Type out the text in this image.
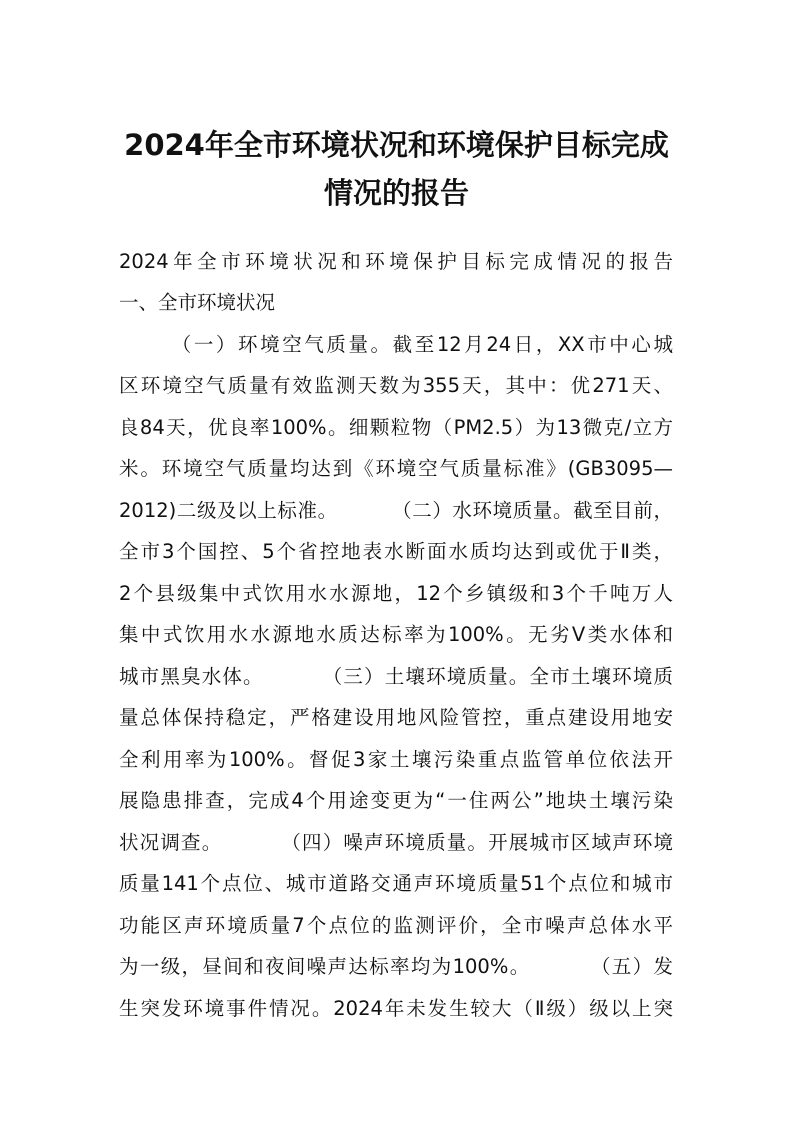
2024年全市环境状况和环境保护目标完成
情况的报告
2024年全市环境状况和环境保护目标完成情况的报告
一、全市环境状况
（一）环境空气质量。截至12月24日，XX市中心城
区环境空气质量有效监测天数为355天，其中：优271天、
良84天，优良率100%。细颗粒物（PM2.5）为13微克/立方
米。环境空气质量均达到《环境空气质量标准》(GB3095—
2012)二级及以上标准。        （二）水环境质量。截至目前，
全市3个国控、5个省控地表水断面水质均达到或优于Ⅱ类，
2个县级集中式饮用水水源地，12个乡镇级和3个千吨万人
集中式饮用水水源地水质达标率为100%。无劣V类水体和
城市黑臭水体。        （三）土壤环境质量。全市土壤环境质
量总体保持稳定，严格建设用地风险管控，重点建设用地安
全利用率为100%。督促3家土壤污染重点监管单位依法开
展隐患排查，完成4个用途变更为“一住两公”地块土壤污染
状况调查。        （四）噪声环境质量。开展城市区域声环境
质量141个点位、城市道路交通声环境质量51个点位和城市
功能区声环境质量7个点位的监测评价，全市噪声总体水平
为一级，昼间和夜间噪声达标率均为100%。        （五）发
生突发环境事件情况。2024年未发生较大（Ⅱ级）级以上突
